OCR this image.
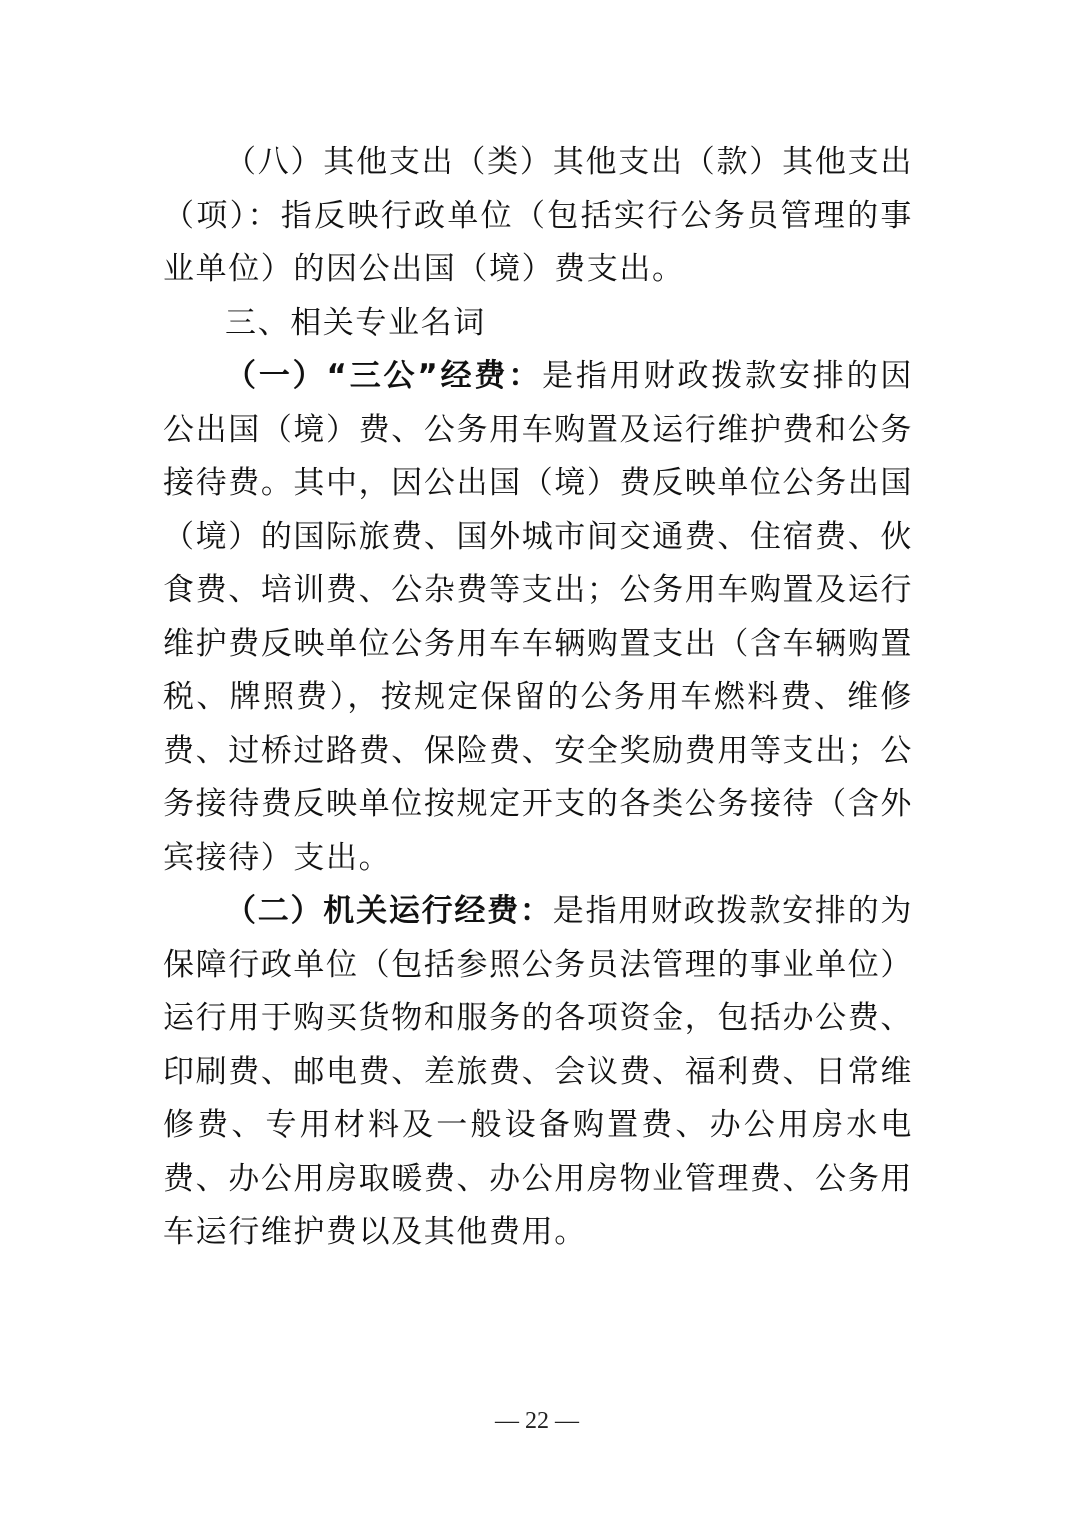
（八）其他支出（类）其他支出（款）其他支出（项）：指反映行政单位（包括实行公务员管理的事业单位）的因公出国（境）费支出。

三、相关专业名词

（一）“三公”经费：是指用财政拨款安排的因公出国（境）费、公务用车购置及运行维护费和公务接待费。其中，因公出国（境）费反映单位公务出国（境）的国际旅费、国外城市间交通费、住宿费、伙食费、培训费、公杂费等支出；公务用车购置及运行维护费反映单位公务用车车辆购置支出（含车辆购置税、牌照费），按规定保留的公务用车燃料费、维修费、过桥过路费、保险费、安全奖励费用等支出；公务接待费反映单位按规定开支的各类公务接待（含外宾接待）支出。

（二）机关运行经费：是指用财政拨款安排的为保障行政单位（包括参照公务员法管理的事业单位）运行用于购买货物和服务的各项资金，包括办公费、印刷费、邮电费、差旅费、会议费、福利费、日常维修费、专用材料及一般设备购置费、办公用房水电费、办公用房取暖费、办公用房物业管理费、公务用车运行维护费以及其他费用。

— 22 —
